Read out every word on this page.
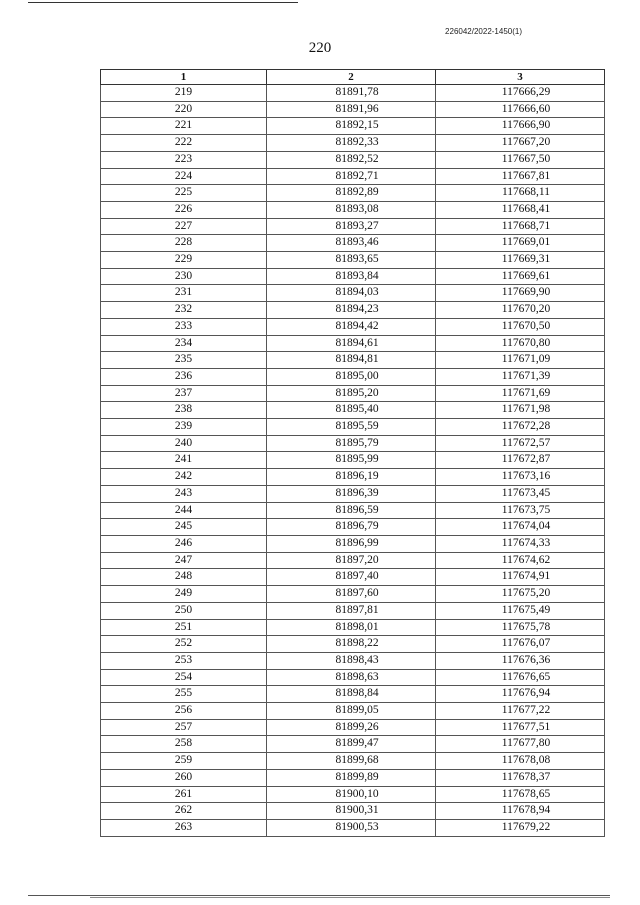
226042/2022-1450(1)
220
1	2	3
219	81891,78	117666,29
220	81891,96	117666,60
221	81892,15	117666,90
222	81892,33	117667,20
223	81892,52	117667,50
224	81892,71	117667,81
225	81892,89	117668,11
226	81893,08	117668,41
227	81893,27	117668,71
228	81893,46	117669,01
229	81893,65	117669,31
230	81893,84	117669,61
231	81894,03	117669,90
232	81894,23	117670,20
233	81894,42	117670,50
234	81894,61	117670,80
235	81894,81	117671,09
236	81895,00	117671,39
237	81895,20	117671,69
238	81895,40	117671,98
239	81895,59	117672,28
240	81895,79	117672,57
241	81895,99	117672,87
242	81896,19	117673,16
243	81896,39	117673,45
244	81896,59	117673,75
245	81896,79	117674,04
246	81896,99	117674,33
247	81897,20	117674,62
248	81897,40	117674,91
249	81897,60	117675,20
250	81897,81	117675,49
251	81898,01	117675,78
252	81898,22	117676,07
253	81898,43	117676,36
254	81898,63	117676,65
255	81898,84	117676,94
256	81899,05	117677,22
257	81899,26	117677,51
258	81899,47	117677,80
259	81899,68	117678,08
260	81899,89	117678,37
261	81900,10	117678,65
262	81900,31	117678,94
263	81900,53	117679,22
